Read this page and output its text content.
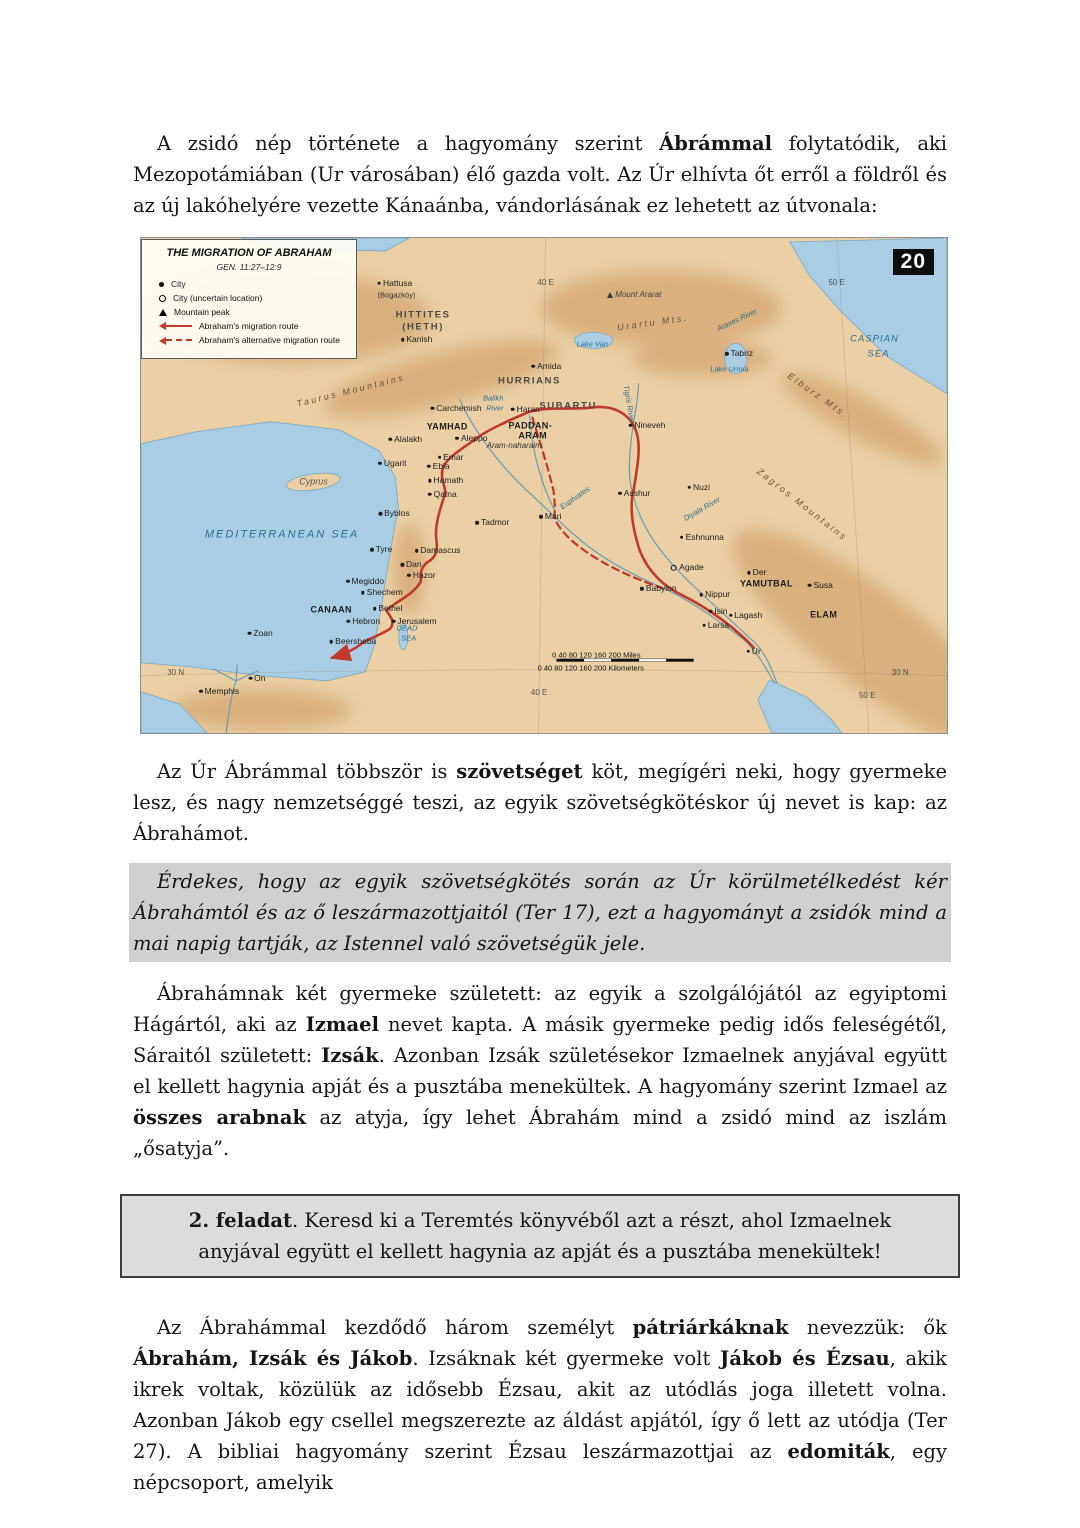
A zsidó nép története a hagyomány szerint Ábrámmal folytatódik, aki Mezopotámiában (Ur városában) élő gazda volt. Az Úr elhívta őt erről a földről és az új lakóhelyére vezette Kánaánba, vándorlásának ez lehetett az útvonala:

Hattusa
(Bogazköy)
HITTITES
(HETH)
Kanish
Mount Ararat
Urartu Mts.	Araxes River
CASPIAN
SEA
Tabriz
Lake Urmia
Lake Van
Amida
HURRIANS
Taurus Mountains	Carchemish
Balikh
River	Haran SUBARTU	Tigris River	Elburz Mts.
Nineveh
YAMHAD
Aleppo
Alalakh
PADDAN-
ARAM
Aram-naharaim
Emar
Ugarit	Ebla
Hamath
Qatna	Asshur
Nuzi
Cyprus
Euphrates
Byblos	Mari
Tadmor	Diyala River
Eshnunna	Zagros Mountains
MEDITERRANEAN SEA
Tyre	Damascus
Dan
Hazor
Megiddo
Agade	Der
YAMUTBAL	Susa
Shechem	Babylon
Nippur
CANAAN	Bethel
Hebron	Jerusalem
Isin Lagash	ELAM
Larsa
Zoan	DEAD
SEA
Beersheba
Ur
0 40 80 120 160 200 Miles
0 40 80 120 160 200 Kilometers
On
30 N	30 N
Memphis	40 E	50 E
50 E
40 E
THE MIGRATION OF ABRAHAM
GEN. 11:27–12:9
City
City (uncertain location)
Mountain peak
Abraham's migration route
Abraham's alternative migration route
20

Az Úr Ábrámmal többször is szövetséget köt, megígéri neki, hogy gyermeke lesz, és nagy nemzetséggé teszi, az egyik szövetségkötéskor új nevet is kap: az Ábrahámot.

Érdekes, hogy az egyik szövetségkötés során az Úr körülmetélkedést kér Ábrahámtól és az ő leszármazottjaitól (Ter 17), ezt a hagyományt a zsidók mind a mai napig tartják, az Istennel való szövetségük jele.

Ábrahámnak két gyermeke született: az egyik a szolgálójától az egyiptomi Hágártól, aki az Izmael nevet kapta. A másik gyermeke pedig idős feleségétől, Sáraitól született: Izsák. Azonban Izsák születésekor Izmaelnek anyjával együtt el kellett hagynia apját és a pusztába menekültek. A hagyomány szerint Izmael az összes arabnak az atyja, így lehet Ábrahám mind a zsidó mind az iszlám „ősatyja”.

2. feladat. Keresd ki a Teremtés könyvéből azt a részt, ahol Izmaelnek anyjával együtt el kellett hagynia az apját és a pusztába menekültek!

Az Ábrahámmal kezdődő három személyt pátriárkáknak nevezzük: ők Ábrahám, Izsák és Jákob. Izsáknak két gyermeke volt Jákob és Ézsau, akik ikrek voltak, közülük az idősebb Ézsau, akit az utódlás joga illetett volna. Azonban Jákob egy csellel megszerezte az áldást apjától, így ő lett az utódja (Ter 27). A bibliai hagyomány szerint Ézsau leszármazottjai az edomiták, egy népcsoport, amelyik
